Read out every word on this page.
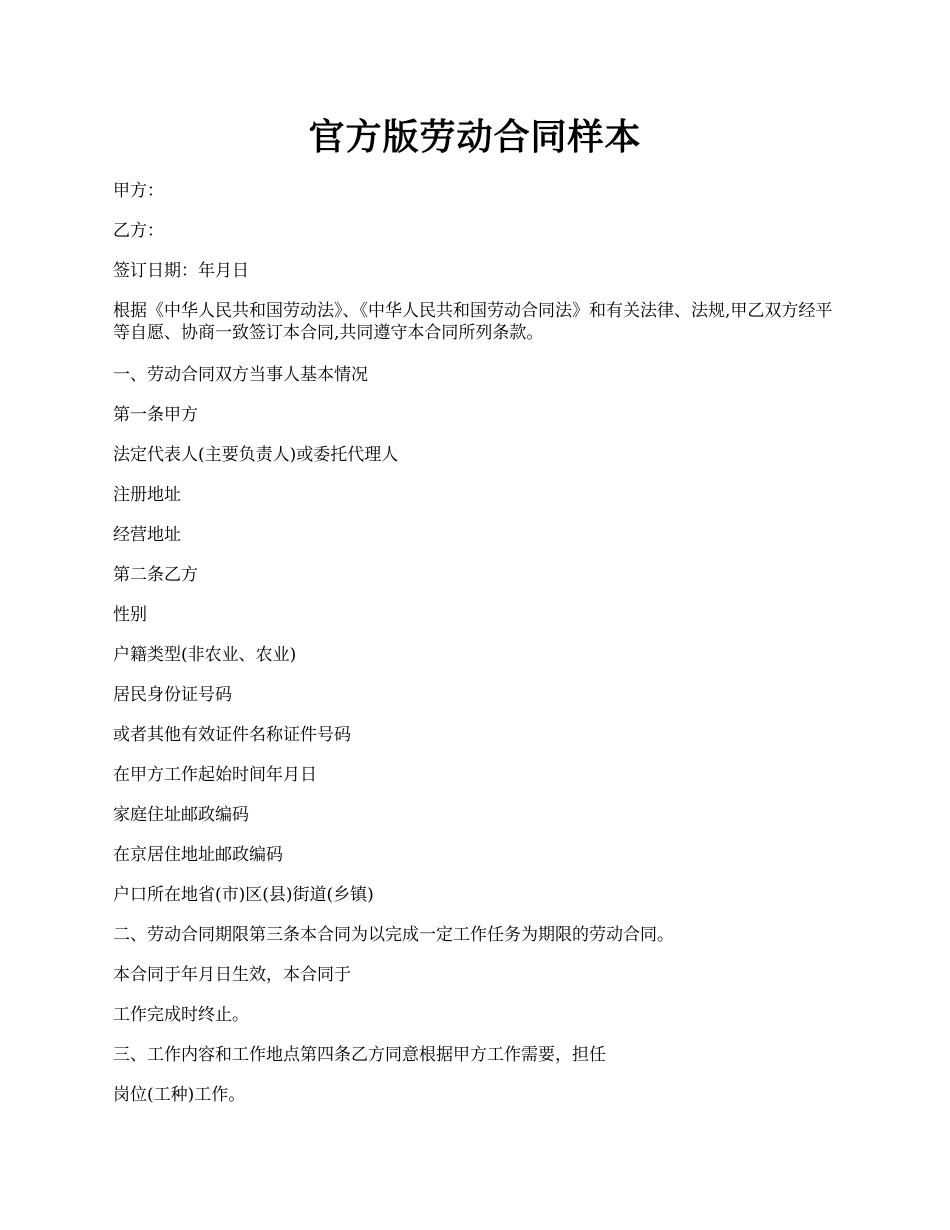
官方版劳动合同样本

甲方：

乙方：

签订日期：年月日

根据《中华人民共和国劳动法》、《中华人民共和国劳动合同法》和有关法律、法规,甲乙双方经平等自愿、协商一致签订本合同,共同遵守本合同所列条款。

一、劳动合同双方当事人基本情况

第一条甲方

法定代表人(主要负责人)或委托代理人

注册地址

经营地址

第二条乙方

性别

户籍类型(非农业、农业)

居民身份证号码

或者其他有效证件名称证件号码

在甲方工作起始时间年月日

家庭住址邮政编码

在京居住地址邮政编码

户口所在地省(市)区(县)街道(乡镇)

二、劳动合同期限第三条本合同为以完成一定工作任务为期限的劳动合同。

本合同于年月日生效，本合同于

工作完成时终止。

三、工作内容和工作地点第四条乙方同意根据甲方工作需要，担任

岗位(工种)工作。
